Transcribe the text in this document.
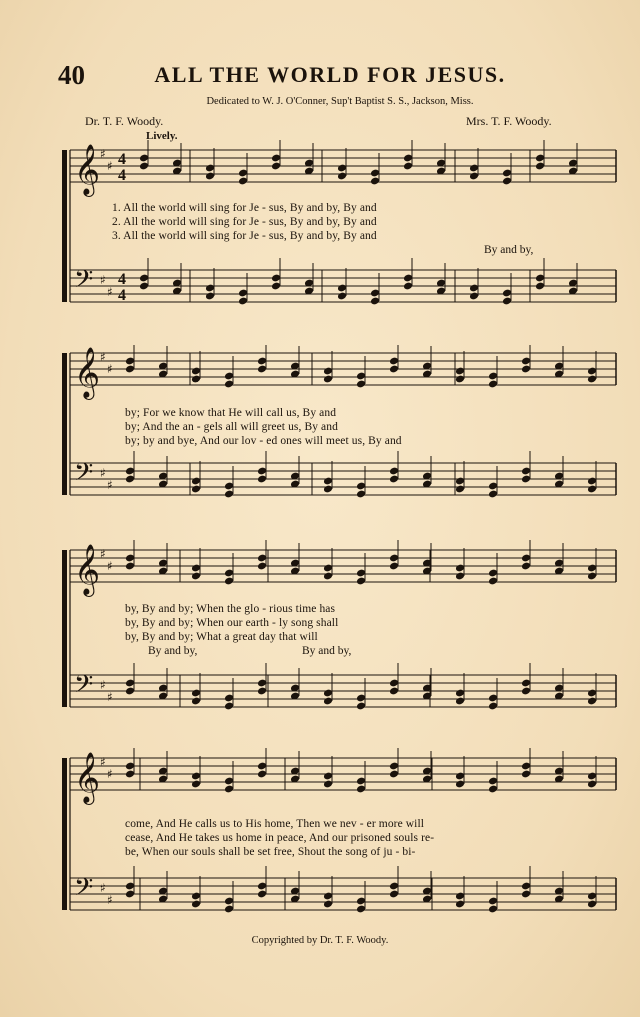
40	ALL THE WORLD FOR JESUS.
Dedicated to W. J. O'Conner, Sup't Baptist S. S., Jackson, Miss.
Dr. T. F. Woody.	Mrs. T. F. Woody.
Lively.
𝄞 ♯
♯ 4
4
𝄢 ♯
♯
4
4
1. All the world will sing for Je - sus, By and by, By and
2. All the world will sing for Je - sus, By and by, By and
3. All the world will sing for Je - sus, By and by, By and
By and by,
𝄞 ♯
♯
𝄢 ♯
♯
by; For we know that He will call us, By and
by; And the an - gels all will greet us, By and
by; by and bye, And our lov - ed ones will meet us, By and
𝄞 ♯
♯
𝄢 ♯
♯
by, By and by; When the glo - rious time has
by, By and by; When our earth - ly song shall
by, By and by; What a great day that will
By and by,	By and by,
𝄞 ♯
♯
𝄢 ♯
♯
come, And He calls us to His home, Then we nev - er more will
cease, And He takes us home in peace, And our prisoned souls re-
be, When our souls shall be set free, Shout the song of ju - bi-
Copyrighted by Dr. T. F. Woody.
